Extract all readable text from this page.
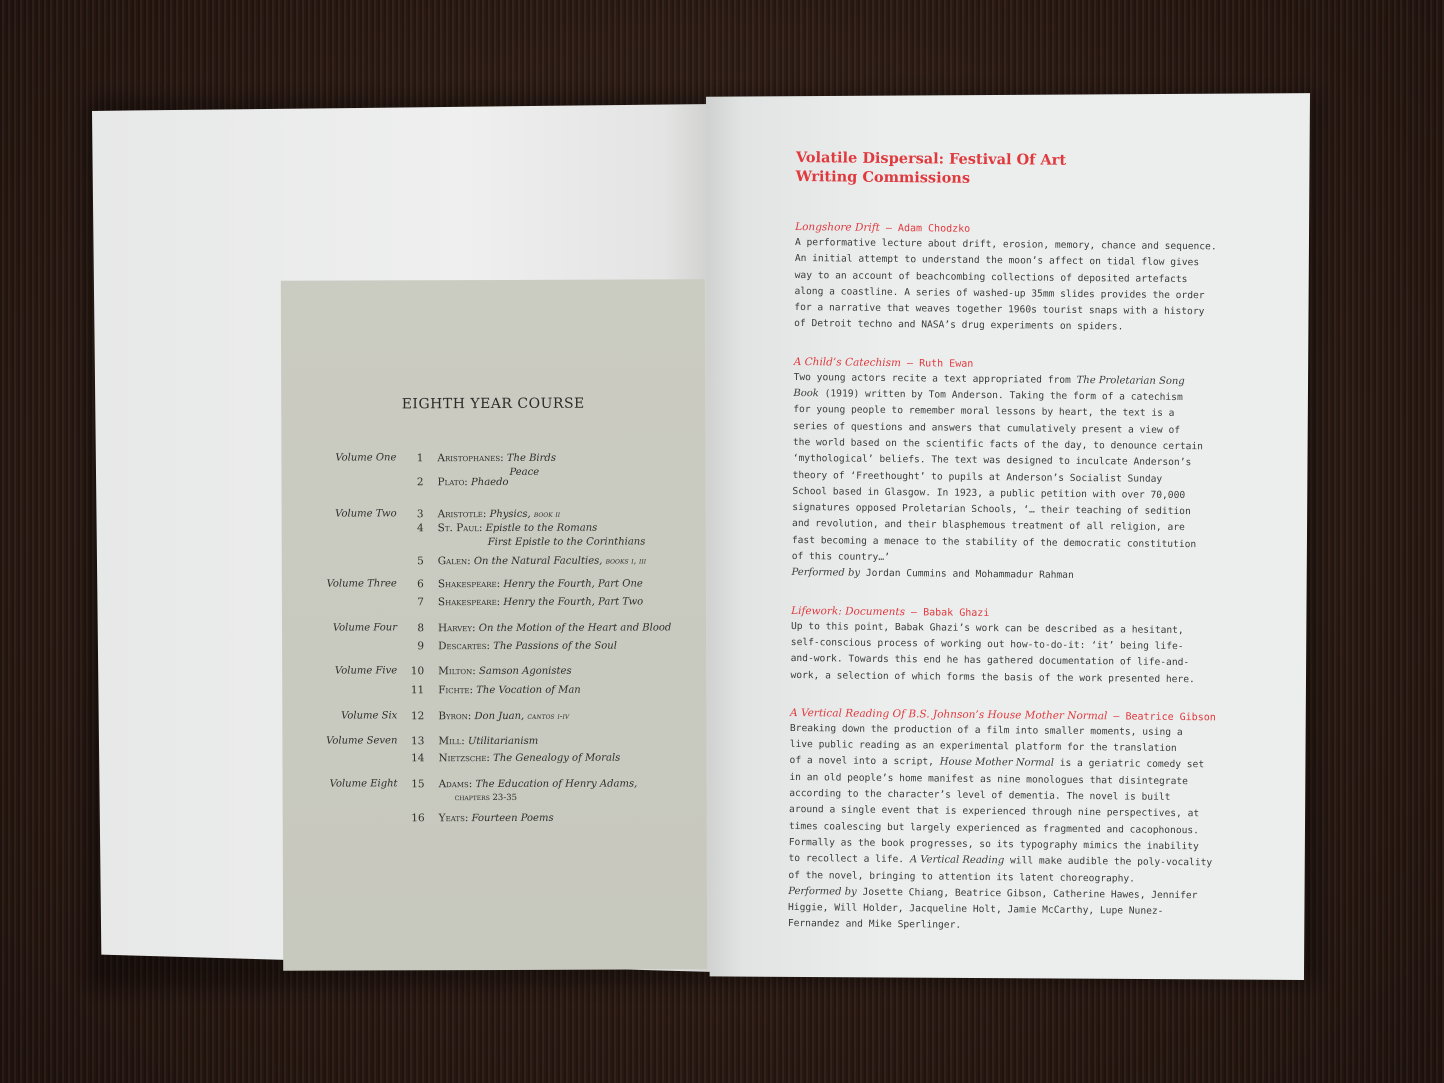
EIGHTH YEAR COURSE
Volume One	1 Aristophanes: The Birds
Peace
2 Plato: Phaedo
Volume Two	3 Aristotle: Physics, book ii
4 St. Paul: Epistle to the Romans
First Epistle to the Corinthians
5 Galen: On the Natural Faculties, books i, iii
Volume Three	6 Shakespeare: Henry the Fourth, Part One
7 Shakespeare: Henry the Fourth, Part Two
Volume Four	8 Harvey: On the Motion of the Heart and Blood
9 Descartes: The Passions of the Soul
Volume Five	10 Milton: Samson Agonistes
11 Fichte: The Vocation of Man
Volume Six	12 Byron: Don Juan, cantos i-iv
Volume Seven	13 Mill: Utilitarianism
14 Nietzsche: The Genealogy of Morals
Volume Eight	15 Adams: The Education of Henry Adams,
chapters 23-35
16 Yeats: Fourteen Poems
Volatile Dispersal: Festival Of Art Writing Commissions
Longshore Drift — Adam Chodzko
A performative lecture about drift, erosion, memory, chance and sequence.
An initial attempt to understand the moon’s affect on tidal flow gives
way to an account of beachcombing collections of deposited artefacts
along a coastline. A series of washed-up 35mm slides provides the order
for a narrative that weaves together 1960s tourist snaps with a history
of Detroit techno and NASA’s drug experiments on spiders.
A Child’s Catechism — Ruth Ewan
Two young actors recite a text appropriated from The Proletarian Song
Book (1919) written by Tom Anderson. Taking the form of a catechism
for young people to remember moral lessons by heart, the text is a
series of questions and answers that cumulatively present a view of
the world based on the scientific facts of the day, to denounce certain
‘mythological’ beliefs. The text was designed to inculcate Anderson’s
theory of ‘Freethought’ to pupils at Anderson’s Socialist Sunday
School based in Glasgow. In 1923, a public petition with over 70,000
signatures opposed Proletarian Schools, ‘… their teaching of sedition
and revolution, and their blasphemous treatment of all religion, are
fast becoming a menace to the stability of the democratic constitution
of this country…’
Performed by Jordan Cummins and Mohammadur Rahman
Lifework: Documents — Babak Ghazi
Up to this point, Babak Ghazi’s work can be described as a hesitant,
self-conscious process of working out how-to-do-it: ‘it’ being life-
and-work. Towards this end he has gathered documentation of life-and-
work, a selection of which forms the basis of the work presented here.
A Vertical Reading Of B.S. Johnson’s House Mother Normal — Beatrice Gibson
Breaking down the production of a film into smaller moments, using a
live public reading as an experimental platform for the translation
of a novel into a script, House Mother Normal is a geriatric comedy set
in an old people’s home manifest as nine monologues that disintegrate
according to the character’s level of dementia. The novel is built
around a single event that is experienced through nine perspectives, at
times coalescing but largely experienced as fragmented and cacophonous.
Formally as the book progresses, so its typography mimics the inability
to recollect a life. A Vertical Reading will make audible the poly-vocality
of the novel, bringing to attention its latent choreography.
Performed by Josette Chiang, Beatrice Gibson, Catherine Hawes, Jennifer
Higgie, Will Holder, Jacqueline Holt, Jamie McCarthy, Lupe Nunez-
Fernandez and Mike Sperlinger.
